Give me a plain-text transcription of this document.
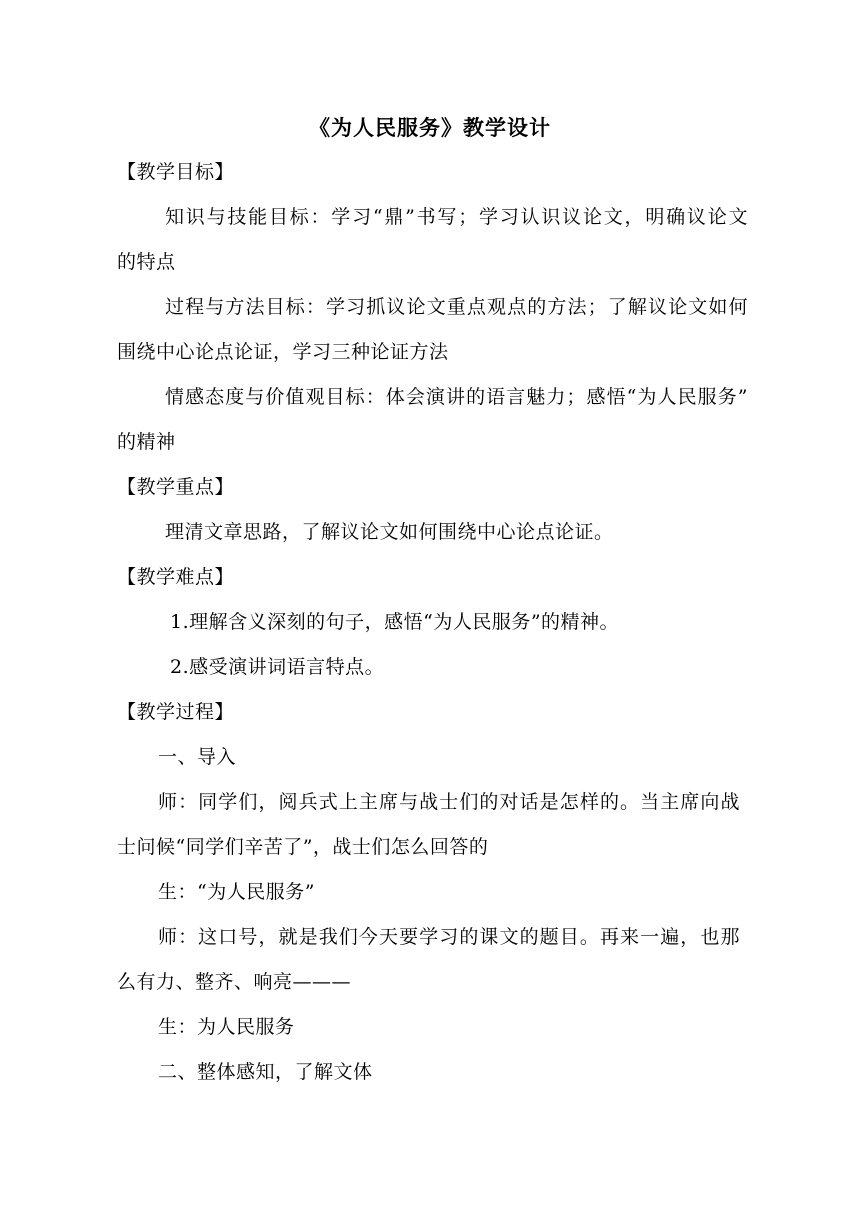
《为人民服务》教学设计
【教学目标】
知识与技能目标：学习“鼎”书写；学习认识议论文，明确议论文
的特点
过程与方法目标：学习抓议论文重点观点的方法；了解议论文如何
围绕中心论点论证，学习三种论证方法
情感态度与价值观目标：体会演讲的语言魅力；感悟“为人民服务”
的精神
【教学重点】
理清文章思路，了解议论文如何围绕中心论点论证。
【教学难点】
1.理解含义深刻的句子，感悟“为人民服务”的精神。
2.感受演讲词语言特点。
【教学过程】
一、导入
师：同学们，阅兵式上主席与战士们的对话是怎样的。当主席向战
士问候“同学们辛苦了”，战士们怎么回答的
生：“为人民服务”
师：这口号，就是我们今天要学习的课文的题目。再来一遍，也那
么有力、整齐、响亮———
生：为人民服务
二、整体感知，了解文体
